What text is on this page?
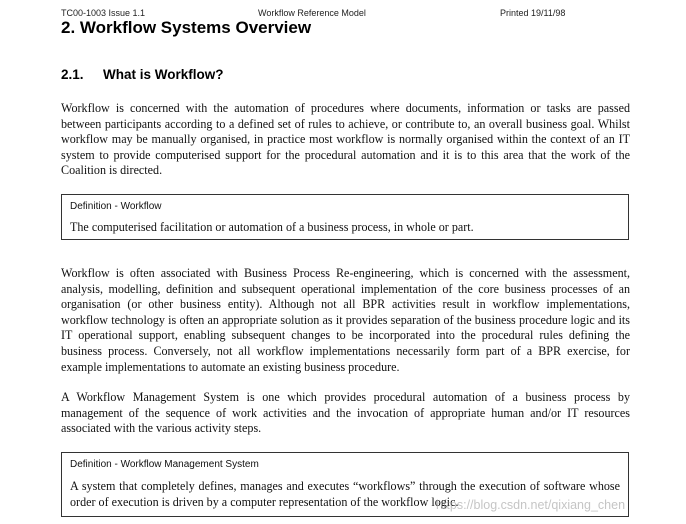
TC00-1003 Issue 1.1	Workflow Reference Model	Printed 19/11/98
2. Workflow Systems Overview
2.1. What is Workflow?

Workflow is concerned with the automation of procedures where documents, information or tasks are passed between participants according to a defined set of rules to achieve, or contribute to, an overall business goal. Whilst workflow may be manually organised, in practice most workflow is normally organised within the context of an IT system to provide computerised support for the procedural automation and it is to this area that the work of the Coalition is directed.

Definition - Workflow

The computerised facilitation or automation of a business process, in whole or part.

Workflow is often associated with Business Process Re-engineering, which is concerned with the assessment, analysis, modelling, definition and subsequent operational implementation of the core business processes of an organisation (or other business entity). Although not all BPR activities result in workflow implementations, workflow technology is often an appropriate solution as it provides separation of the business procedure logic and its IT operational support, enabling subsequent changes to be incorporated into the procedural rules defining the business process. Conversely, not all workflow implementations necessarily form part of a BPR exercise, for example implementations to automate an existing business procedure.

A Workflow Management System is one which provides procedural automation of a business process by management of the sequence of work activities and the invocation of appropriate human and/or IT resources associated with the various activity steps.

Definition - Workflow Management System

A system that completely defines, manages and executes “workflows” through the execution of software whose order of execution is driven by a computer representation of the workflow logic.

https://blog.csdn.net/qixiang_chen
